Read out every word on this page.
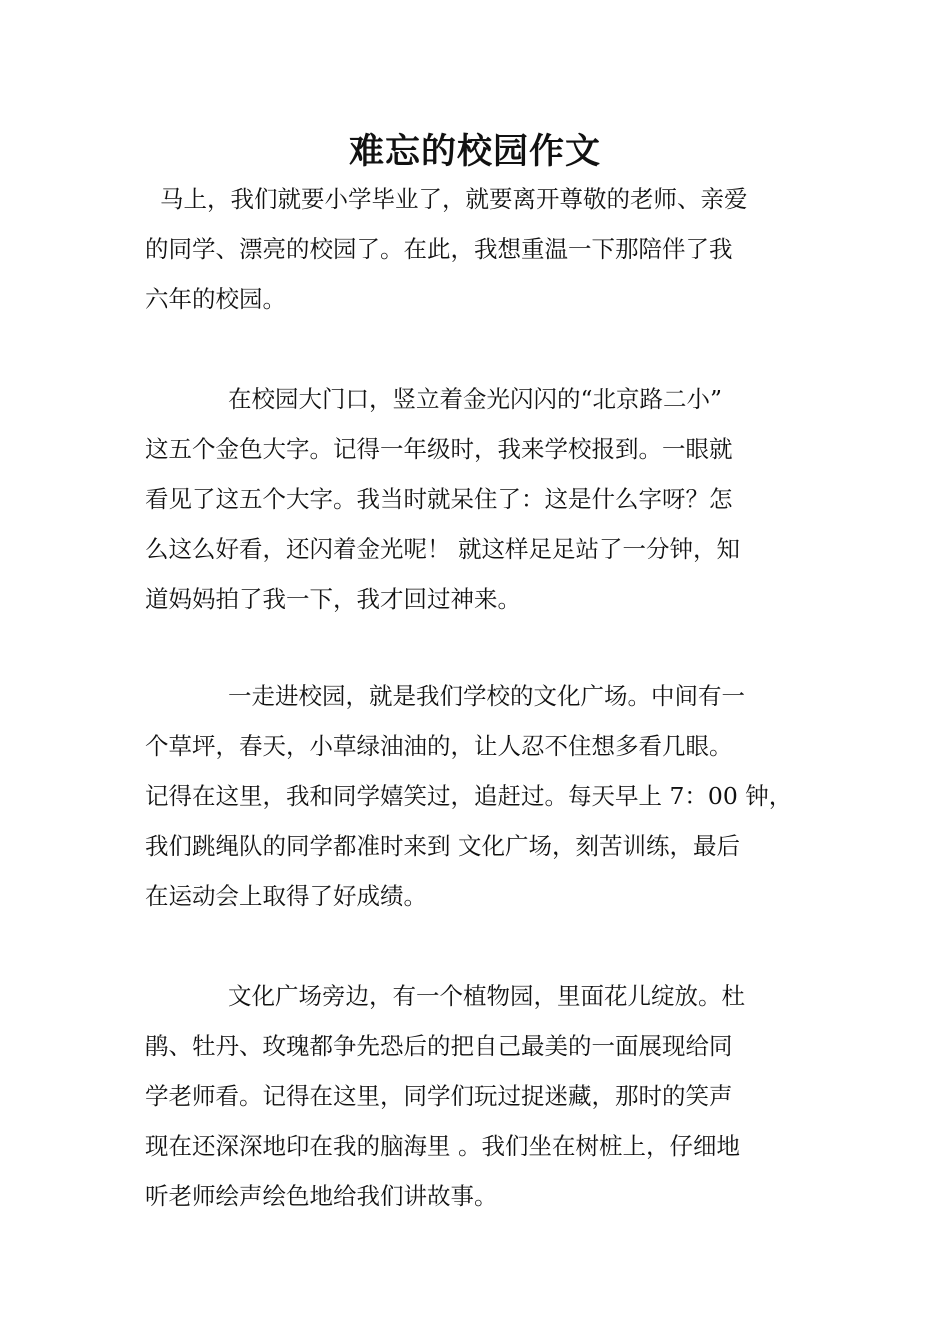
难忘的校园作文

马上，我们就要小学毕业了，就要离开尊敬的老师、亲爱

的同学、漂亮的校园了。在此，我想重温一下那陪伴了我

六年的校园。

在校园大门口，竖立着金光闪闪的“北京路二小”

这五个金色大字。记得一年级时，我来学校报到。一眼就

看见了这五个大字。我当时就呆住了：这是什么字呀？怎

么这么好看，还闪着金光呢！ 就这样足足站了一分钟，知

道妈妈拍了我一下，我才回过神来。

一走进校园，就是我们学校的文化广场。中间有一

个草坪，春天，小草绿油油的，让人忍不住想多看几眼。

记得在这里，我和同学嬉笑过，追赶过。每天早上 7：00 钟，

我们跳绳队的同学都准时来到 文化广场，刻苦训练，最后

在运动会上取得了好成绩。

文化广场旁边，有一个植物园，里面花儿绽放。杜

鹃、牡丹、玫瑰都争先恐后的把自己最美的一面展现给同

学老师看。记得在这里，同学们玩过捉迷藏，那时的笑声

现在还深深地印在我的脑海里 。我们坐在树桩上，仔细地

听老师绘声绘色地给我们讲故事。
